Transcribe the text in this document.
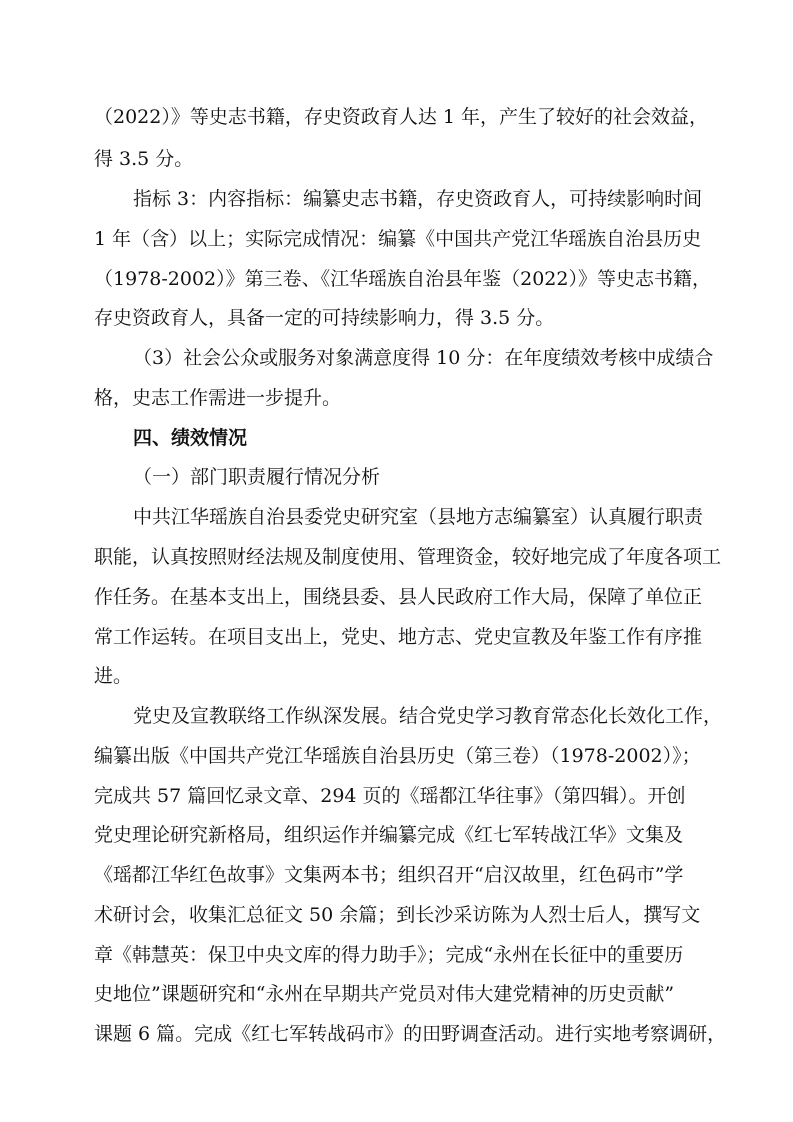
（2022）》等史志书籍，存史资政育人达 1 年，产生了较好的社会效益，
得 3.5 分。
指标 3：内容指标：编纂史志书籍，存史资政育人，可持续影响时间
1 年（含）以上；实际完成情况：编纂《中国共产党江华瑶族自治县历史
（1978-2002）》第三卷、《江华瑶族自治县年鉴（2022）》等史志书籍，
存史资政育人，具备一定的可持续影响力，得 3.5 分。
（3）社会公众或服务对象满意度得 10 分：在年度绩效考核中成绩合
格，史志工作需进一步提升。
四、绩效情况
（一）部门职责履行情况分析
中共江华瑶族自治县委党史研究室（县地方志编纂室）认真履行职责
职能，认真按照财经法规及制度使用、管理资金，较好地完成了年度各项工
作任务。在基本支出上，围绕县委、县人民政府工作大局，保障了单位正
常工作运转。在项目支出上，党史、地方志、党史宣教及年鉴工作有序推
进。
党史及宣教联络工作纵深发展。结合党史学习教育常态化长效化工作，
编纂出版《中国共产党江华瑶族自治县历史（第三卷）（1978-2002）》；
完成共 57 篇回忆录文章、294 页的《瑶都江华往事》（第四辑）。开创
党史理论研究新格局，组织运作并编纂完成《红七军转战江华》文集及
《瑶都江华红色故事》文集两本书；组织召开“启汉故里，红色码市”学
术研讨会，收集汇总征文 50 余篇；到长沙采访陈为人烈士后人，撰写文
章《韩慧英：保卫中央文库的得力助手》；完成“永州在长征中的重要历
史地位”课题研究和“永州在早期共产党员对伟大建党精神的历史贡献”
课题 6 篇。完成《红七军转战码市》的田野调查活动。进行实地考察调研，
